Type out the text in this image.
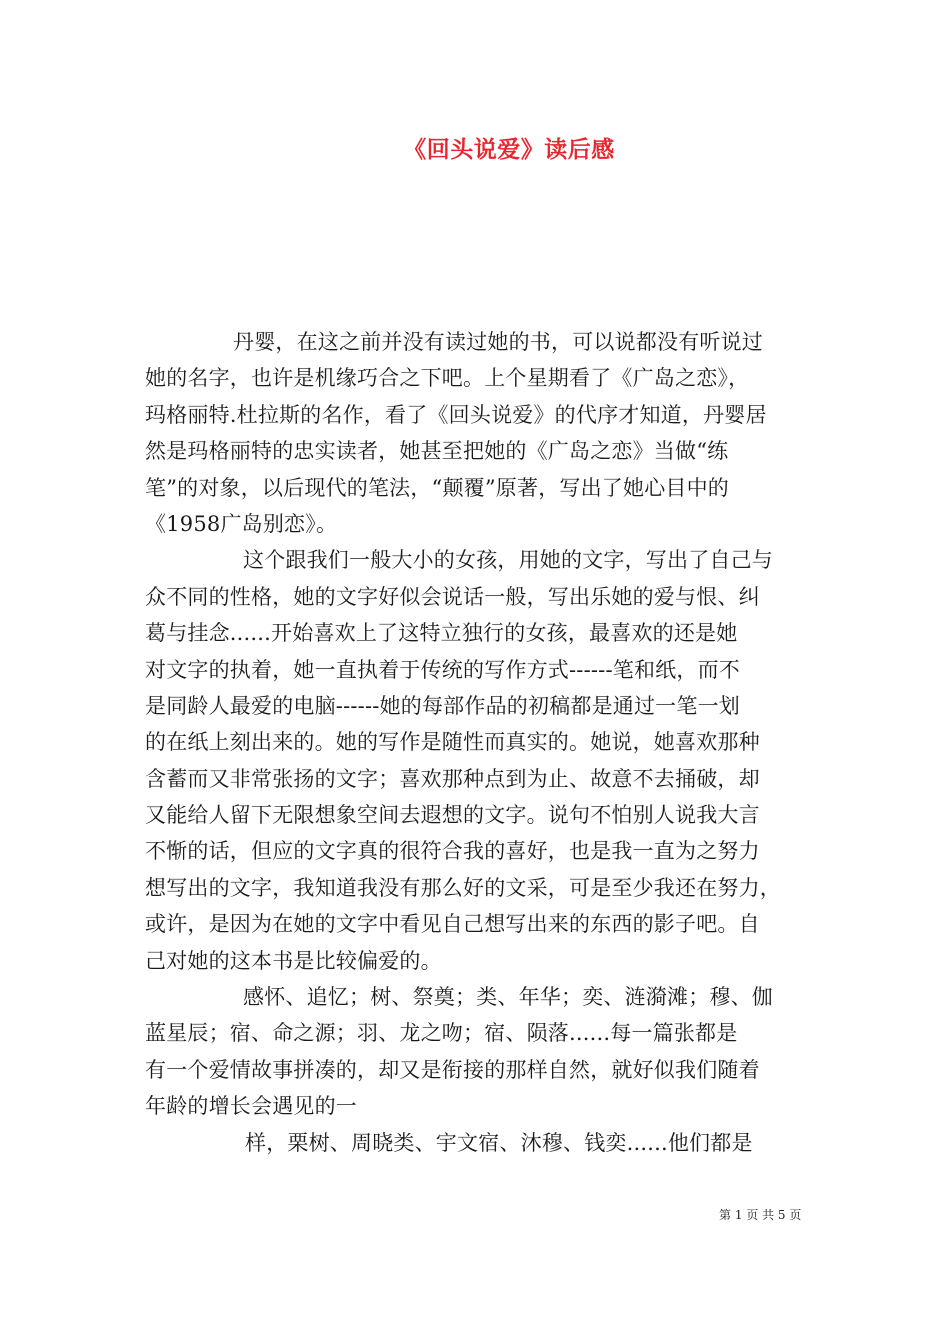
《回头说爱》读后感
丹婴，在这之前并没有读过她的书，可以说都没有听说过
她的名字，也许是机缘巧合之下吧。上个星期看了《广岛之恋》，
玛格丽特.杜拉斯的名作，看了《回头说爱》的代序才知道，丹婴居
然是玛格丽特的忠实读者，她甚至把她的《广岛之恋》当做“练
笔”的对象，以后现代的笔法，“颠覆”原著，写出了她心目中的
《1958广岛别恋》。
这个跟我们一般大小的女孩，用她的文字，写出了自己与
众不同的性格，她的文字好似会说话一般，写出乐她的爱与恨、纠
葛与挂念......开始喜欢上了这特立独行的女孩，最喜欢的还是她
对文字的执着，她一直执着于传统的写作方式------笔和纸，而不
是同龄人最爱的电脑------她的每部作品的初稿都是通过一笔一划
的在纸上刻出来的。她的写作是随性而真实的。她说，她喜欢那种
含蓄而又非常张扬的文字；喜欢那种点到为止、故意不去捅破，却
又能给人留下无限想象空间去遐想的文字。说句不怕别人说我大言
不惭的话，但应的文字真的很符合我的喜好，也是我一直为之努力
想写出的文字，我知道我没有那么好的文采，可是至少我还在努力，
或许，是因为在她的文字中看见自己想写出来的东西的影子吧。自
己对她的这本书是比较偏爱的。
感怀、追忆；树、祭奠；类、年华；奕、涟漪滩；穆、伽
蓝星辰；宿、命之源；羽、龙之吻；宿、陨落......每一篇张都是
有一个爱情故事拼凑的，却又是衔接的那样自然，就好似我们随着
年龄的增长会遇见的一
样，栗树、周晓类、宇文宿、沐穆、钱奕......他们都是
第 1 页 共 5 页
